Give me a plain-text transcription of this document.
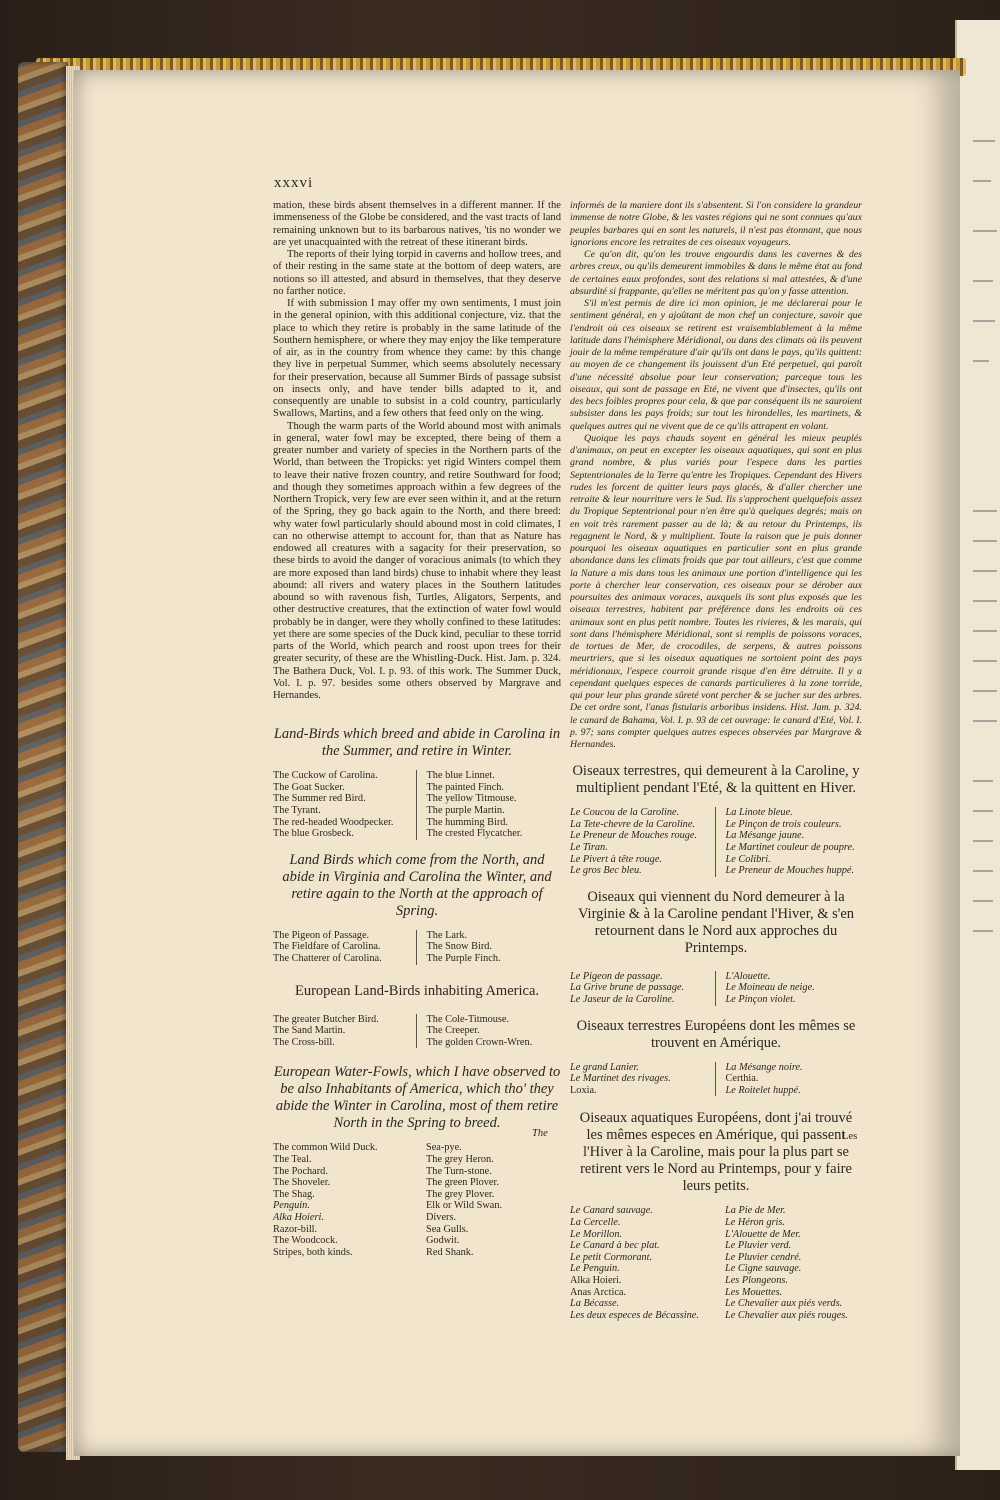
xxxvi

mation, these birds absent themselves in a different manner. If the immenseness of the Globe be considered, and the vast tracts of land remaining unknown but to its barbarous natives, 'tis no wonder we are yet unacquainted with the retreat of these itinerant birds.

The reports of their lying torpid in caverns and hollow trees, and of their resting in the same state at the bottom of deep waters, are notions so ill attested, and absurd in themselves, that they deserve no farther notice.

If with submission I may offer my own sentiments, I must join in the general opinion, with this additional conjecture, viz. that the place to which they retire is probably in the same latitude of the Southern hemisphere, or where they may enjoy the like temperature of air, as in the country from whence they came: by this change they live in perpetual Summer, which seems absolutely necessary for their preservation, because all Summer Birds of passage subsist on insects only, and have tender bills adapted to it, and consequently are unable to subsist in a cold country, particularly Swallows, Martins, and a few others that feed only on the wing.

Though the warm parts of the World abound most with animals in general, water fowl may be excepted, there being of them a greater number and variety of species in the Northern parts of the World, than between the Tropicks: yet rigid Winters compel them to leave their native frozen country, and retire Southward for food; and though they sometimes approach within a few degrees of the Northern Tropick, very few are ever seen within it, and at the return of the Spring, they go back again to the North, and there breed: why water fowl particularly should abound most in cold climates, I can no otherwise attempt to account for, than that as Nature has endowed all creatures with a sagacity for their preservation, so these birds to avoid the danger of voracious animals (to which they are more exposed than land birds) chuse to inhabit where they least abound: all rivers and watery places in the Southern latitudes abound so with ravenous fish, Turtles, Aligators, Serpents, and other destructive creatures, that the extinction of water fowl would probably be in danger, were they wholly confined to these latitudes: yet there are some species of the Duck kind, peculiar to these torrid parts of the World, which pearch and roost upon trees for their greater security, of these are the Whistling-Duck. Hist. Jam. p. 324. The Bathera Duck, Vol. I. p. 93. of this work. The Summer Duck, Vol. I. p. 97. besides some others observed by Margrave and Hernandes.

Land-Birds which breed and abide in Carolina in the Summer, and retire in Winter.

The Cuckow of Carolina.
The Goat Sucker.
The Summer red Bird.
The Tyrant.
The red-headed Woodpecker.
The blue Grosbeck.
The blue Linnet.
The painted Finch.
The yellow Titmouse.
The purple Martin.
The humming Bird.
The crested Flycatcher.

Land Birds which come from the North, and abide in Virginia and Carolina the Winter, and retire again to the North at the approach of Spring.

The Pigeon of Passage.
The Fieldfare of Carolina.
The Chatterer of Carolina.
The Lark.
The Snow Bird.
The Purple Finch.

European Land-Birds inhabiting America.

The greater Butcher Bird.
The Sand Martin.
The Cross-bill.
The Cole-Titmouse.
The Creeper.
The golden Crown-Wren.

European Water-Fowls, which I have observed to be also Inhabitants of America, which tho' they abide the Winter in Carolina, most of them retire North in the Spring to breed.

The common Wild Duck.
The Teal.
The Pochard.
The Shoveler.
The Shag.
Penguin.
Alka Hoieri.
Razor-bill.
The Woodcock.
Stripes, both kinds.
Sea-pye.
The grey Heron.
The Turn-stone.
The green Plover.
The grey Plover.
Elk or Wild Swan.
Divers.
Sea Gulls.
Godwit.
Red Shank.

informés de la maniere dont ils s'absentent. Si l'on considere la grandeur immense de notre Globe, & les vastes régions qui ne sont connues qu'aux peuples barbares qui en sont les naturels, il n'est pas étonnant, que nous ignorions encore les retraites de ces oiseaux voyageurs.

Ce qu'on dit, qu'on les trouve engourdis dans les cavernes & des arbres creux, ou qu'ils demeurent immobiles & dans le même état au fond de certaines eaux profondes, sont des relations si mal attestées, & d'une absurdité si frappante, qu'elles ne méritent pas qu'on y fasse attention.

S'il m'est permis de dire ici mon opinion, je me déclarerai pour le sentiment général, en y ajoûtant de mon chef un conjecture, savoir que l'endroit où ces oiseaux se retirent est vraisemblablement à la même latitude dans l'hémisphere Méridional, ou dans des climats où ils peuvent jouir de la même température d'air qu'ils ont dans le pays, qu'ils quittent: au moyen de ce changement ils jouissent d'un Eté perpetuel, qui paroît d'une nécessité absolue pour leur conservation; parceque tous les oiseaux, qui sont de passage en Eté, ne vivent que d'insectes, qu'ils ont des becs foibles propres pour cela, & que par conséquent ils ne sauroient subsister dans les pays froids; sur tout les hirondelles, les martinets, & quelques autres qui ne vivent que de ce qu'ils attrapent en volant.

Quoique les pays chauds soyent en général les mieux peuplés d'animaux, on peut en excepter les oiseaux aquatiques, qui sont en plus grand nombre, & plus variés pour l'espece dans les parties Septentrionales de la Terre qu'entre les Tropiques. Cependant des Hivers rudes les forcent de quitter leurs pays glacés, & d'aller chercher une retraite & leur nourriture vers le Sud. Ils s'approchent quelquefois assez du Tropique Septentrional pour n'en être qu'à quelques degrés; mais on en voit très rarement passer au de là; & au retour du Printemps, ils regagnent le Nord, & y multiplient. Toute la raison que je puis donner pourquoi les oiseaux aquatiques en particulier sont en plus grande abondance dans les climats froids que par tout ailleurs, c'est que comme la Nature a mis dans tous les animaux une portion d'intelligence qui les porte à chercher leur conservation, ces oiseaux pour se dérober aux poursuites des animaux voraces, auxquels ils sont plus exposés que les oiseaux terrestres, habitent par préférence dans les endroits où ces animaux sont en plus petit nombre. Toutes les rivieres, & les marais, qui sont dans l'hémisphere Méridional, sont si remplis de poissons voraces, de tortues de Mer, de crocodiles, de serpens, & autres poissons meurtriers, que si les oiseaux aquatiques ne sortoient point des pays méridionaux, l'espece courroit grande risque d'en être détruite. Il y a cependant quelques especes de canards particulieres à la zone torride, qui pour leur plus grande sûreté vont percher & se jucher sur des arbres. De cet ordre sont, l'anas fistularis arboribus insidens. Hist. Jam. p. 324. le canard de Bahama, Vol. I. p. 93 de cet ouvrage: le canard d'Eté, Vol. I. p. 97; sans compter quelques autres especes observées par Margrave & Hernandes.

Oiseaux terrestres, qui demeurent à la Caroline, y multiplient pendant l'Eté, & la quittent en Hiver.

Le Coucou de la Caroline.
La Tete-chevre de la Caroline.
Le Preneur de Mouches rouge.
Le Tiran.
Le Pivert à tête rouge.
Le gros Bec bleu.
La Linote bleue.
Le Pinçon de trois couleurs.
La Mésange jaune.
Le Martinet couleur de poupre.
Le Colibri.
Le Preneur de Mouches huppé.

Oiseaux qui viennent du Nord demeurer à la Virginie & à la Caroline pendant l'Hiver, & s'en retournent dans le Nord aux approches du Printemps.

Le Pigeon de passage.
La Grive brune de passage.
Le Jaseur de la Caroline.
L'Alouette.
Le Moineau de neige.
Le Pinçon violet.

Oiseaux terrestres Européens dont les mêmes se trouvent en Amérique.

Le grand Lanier.
Le Martinet des rivages.
Loxia.
La Mésange noire.
Certhia.
Le Roitelet huppé.

Oiseaux aquatiques Européens, dont j'ai trouvé les mêmes especes en Amérique, qui passent l'Hiver à la Caroline, mais pour la plus part se retirent vers le Nord au Printemps, pour y faire leurs petits.

Le Canard sauvage.
La Cercelle.
Le Morillon.
Le Canard à bec plat.
Le petit Cormorant.
Le Penguin.
Alka Hoieri.
Anas Arctica.
La Bécasse.
Les deux especes de Bécassine.
La Pie de Mer.
Le Héron gris.
L'Alouette de Mer.
Le Pluvier verd.
Le Pluvier cendré.
Le Cigne sauvage.
Les Plongeons.
Les Mouettes.
Le Chevalier aux piés verds.
Le Chevalier aux piés rouges.
The	Les
